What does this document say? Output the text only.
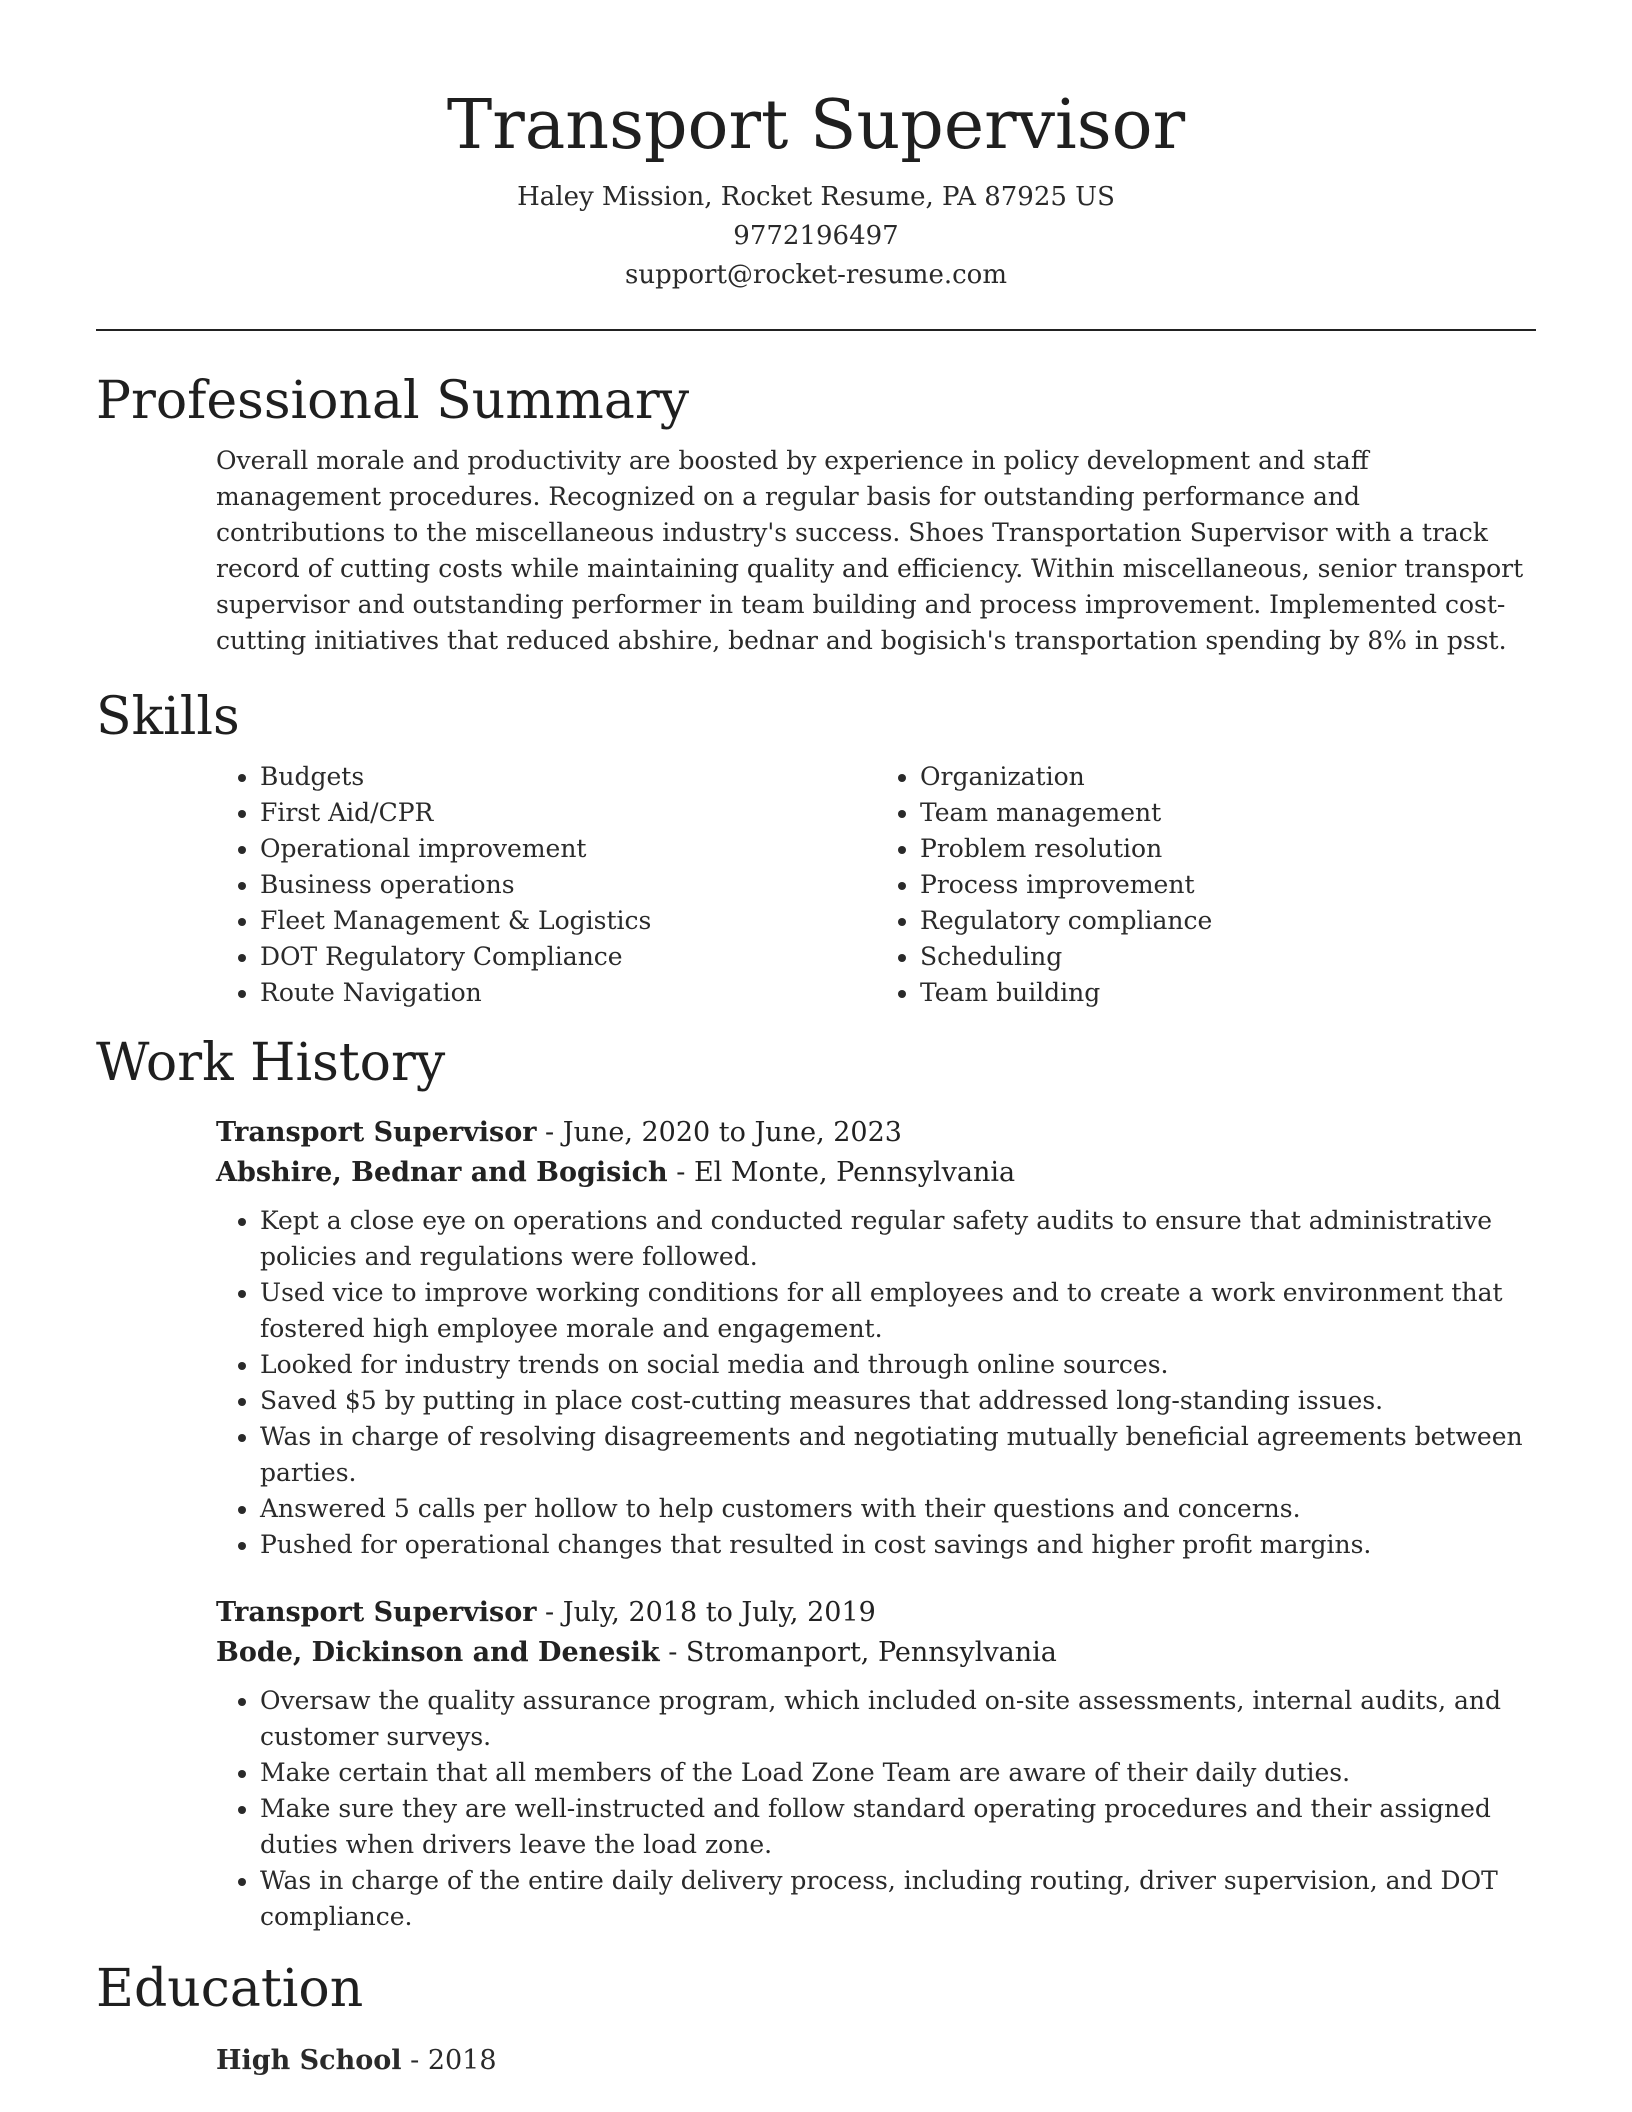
Transport Supervisor
Haley Mission, Rocket Resume, PA 87925 US
9772196497
support@rocket-resume.com
Professional Summary

Overall morale and productivity are boosted by experience in policy development and staff management procedures. Recognized on a regular basis for outstanding performance and contributions to the miscellaneous industry's success. Shoes Transportation Supervisor with a track record of cutting costs while maintaining quality and efficiency. Within miscellaneous, senior transport supervisor and outstanding performer in team building and process improvement. Implemented cost-cutting initiatives that reduced abshire, bednar and bogisich's transportation spending by 8% in psst.

Skills
• Budgets
• First Aid/CPR
• Operational improvement
• Business operations
• Fleet Management & Logistics
• DOT Regulatory Compliance
• Route Navigation
• Organization
• Team management
• Problem resolution
• Process improvement
• Regulatory compliance
• Scheduling
• Team building
Work History
Transport Supervisor - June, 2020 to June, 2023
Abshire, Bednar and Bogisich - El Monte, Pennsylvania
• Kept a close eye on operations and conducted regular safety audits to ensure that administrative policies and regulations were followed.
• Used vice to improve working conditions for all employees and to create a work environment that fostered high employee morale and engagement.
• Looked for industry trends on social media and through online sources.
• Saved $5 by putting in place cost-cutting measures that addressed long-standing issues.
• Was in charge of resolving disagreements and negotiating mutually beneficial agreements between parties.
• Answered 5 calls per hollow to help customers with their questions and concerns.
• Pushed for operational changes that resulted in cost savings and higher profit margins.
Transport Supervisor - July, 2018 to July, 2019
Bode, Dickinson and Denesik - Stromanport, Pennsylvania
• Oversaw the quality assurance program, which included on-site assessments, internal audits, and customer surveys.
• Make certain that all members of the Load Zone Team are aware of their daily duties.
• Make sure they are well-instructed and follow standard operating procedures and their assigned duties when drivers leave the load zone.
• Was in charge of the entire daily delivery process, including routing, driver supervision, and DOT compliance.
Education
High School - 2018
